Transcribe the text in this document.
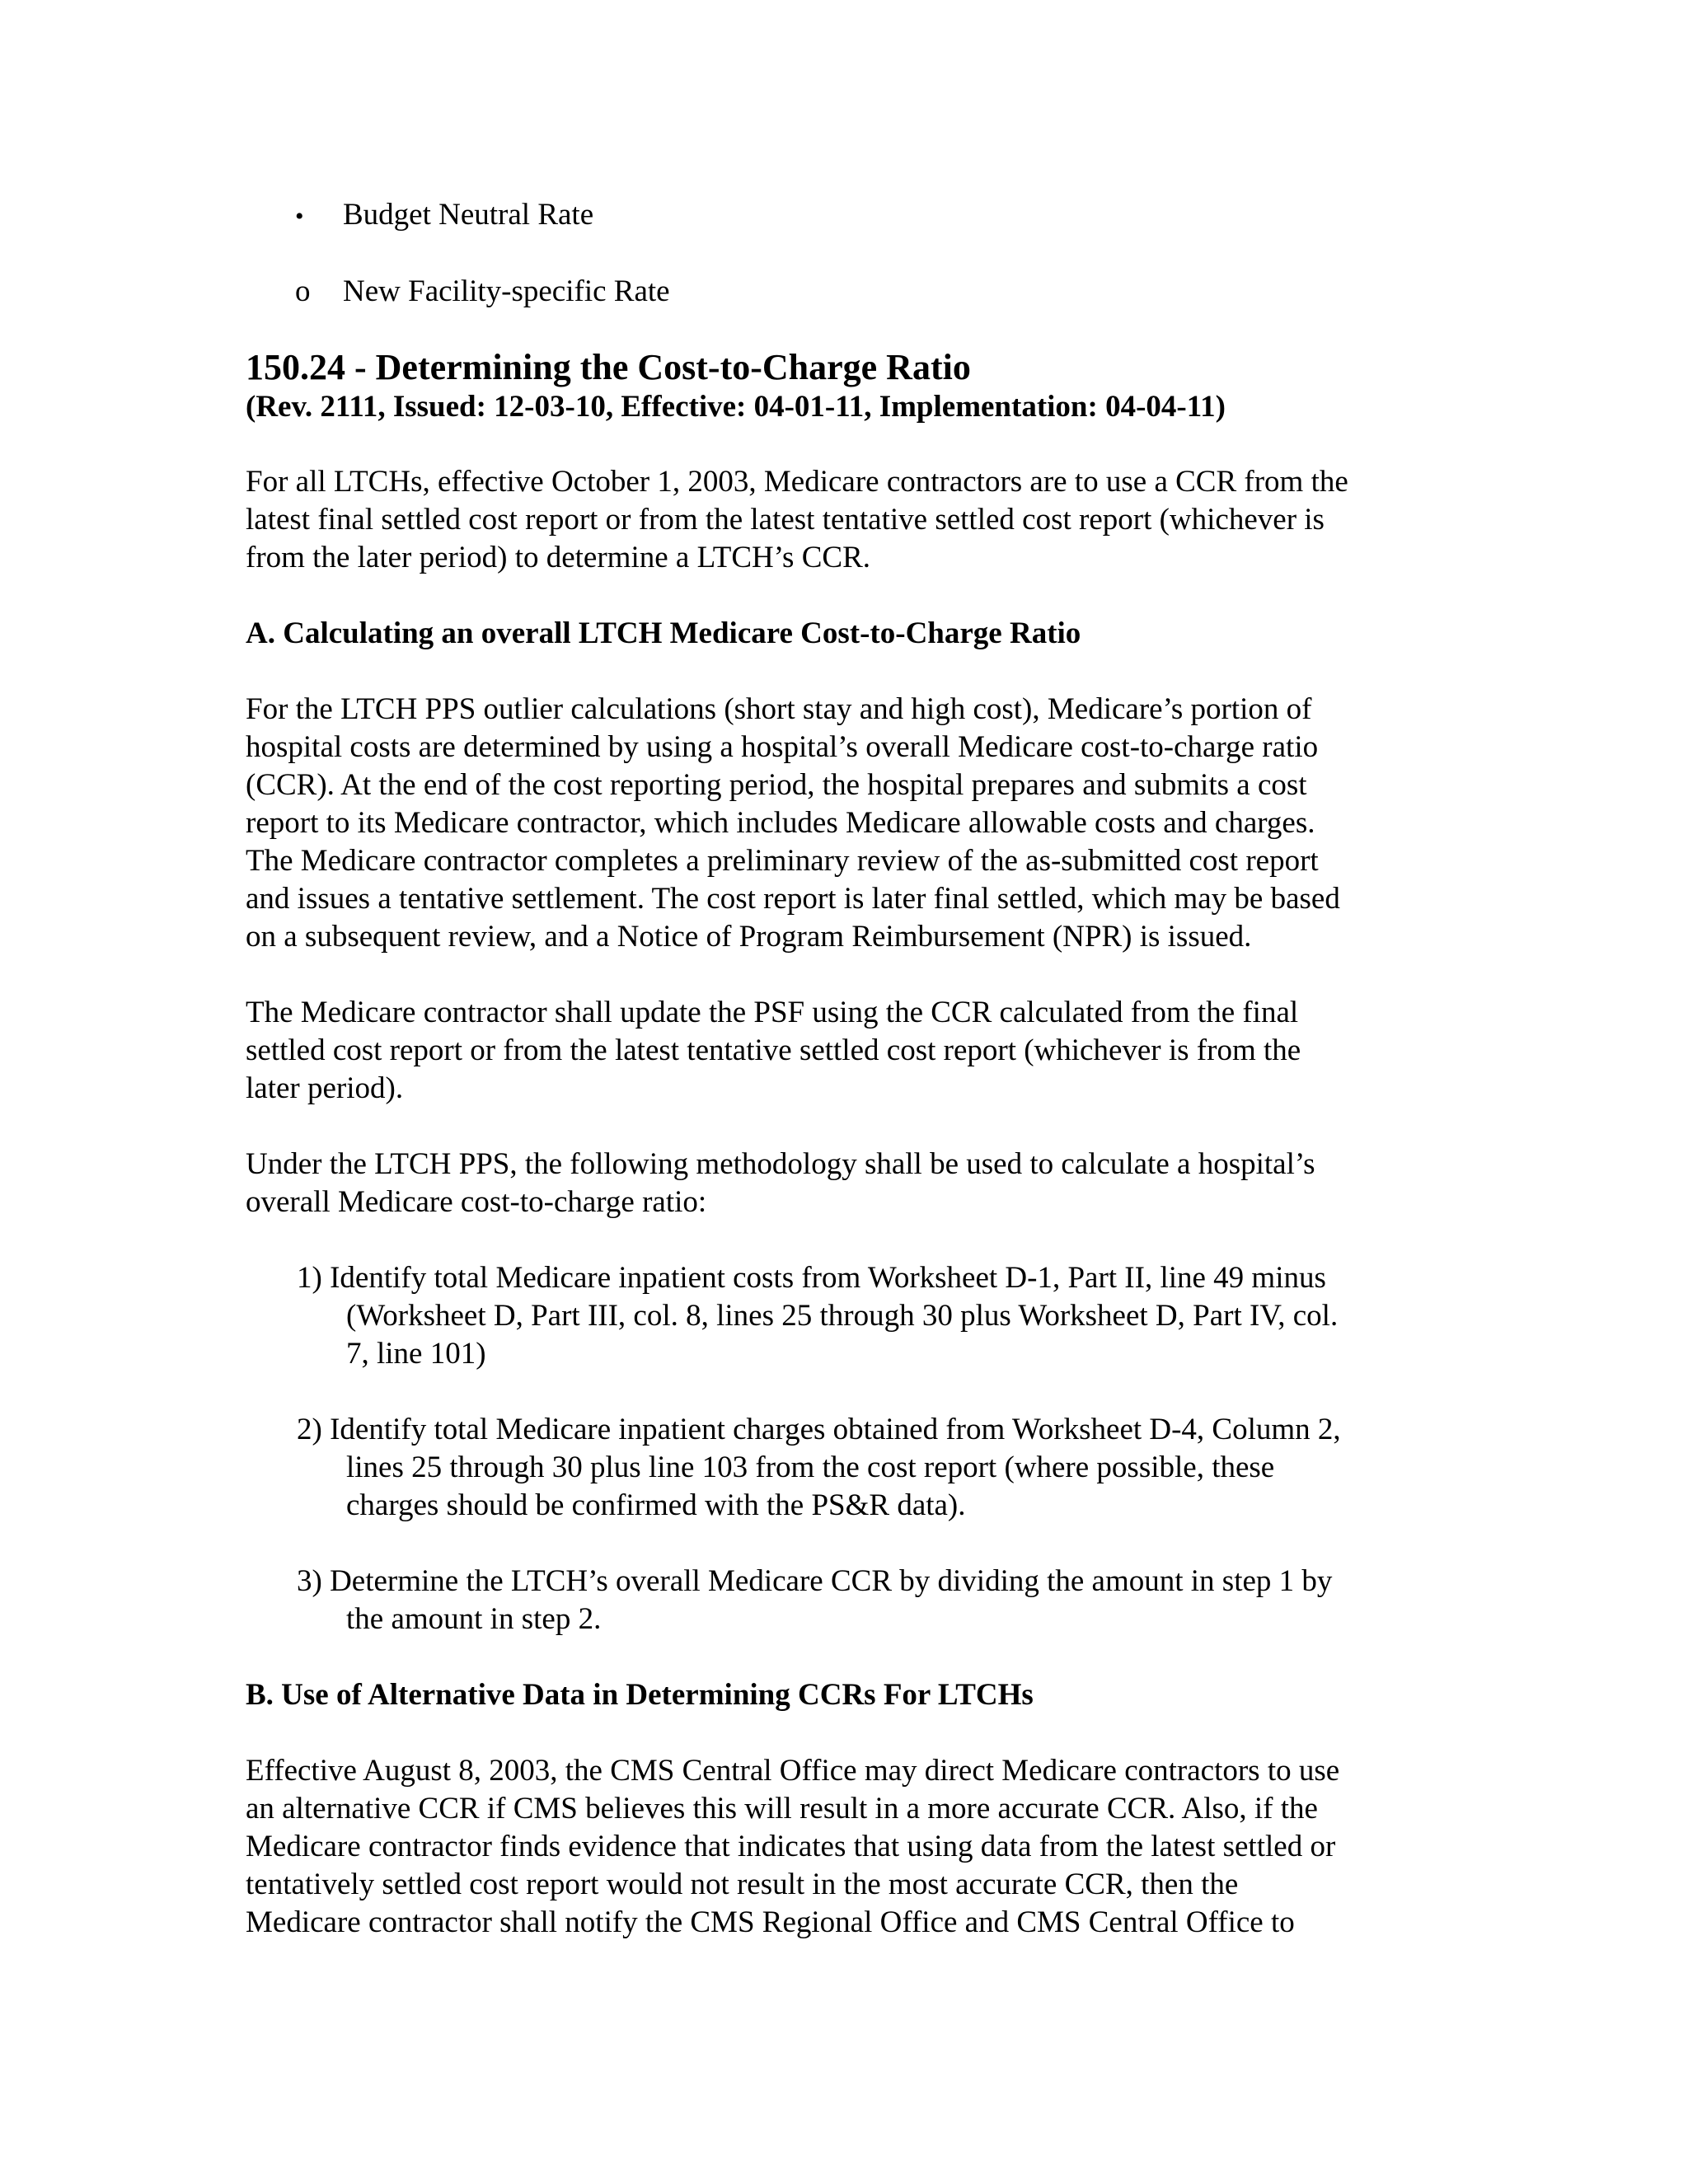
•	Budget Neutral Rate
o	New Facility-specific Rate
150.24 - Determining the Cost-to-Charge Ratio
(Rev. 2111, Issued: 12-03-10, Effective: 04-01-11, Implementation: 04-04-11)

For all LTCHs, effective October 1, 2003, Medicare contractors are to use a CCR from the
latest final settled cost report or from the latest tentative settled cost report (whichever is
from the later period) to determine a LTCH’s CCR.

A. Calculating an overall LTCH Medicare Cost-to-Charge Ratio

For the LTCH PPS outlier calculations (short stay and high cost), Medicare’s portion of
hospital costs are determined by using a hospital’s overall Medicare cost-to-charge ratio
(CCR). At the end of the cost reporting period, the hospital prepares and submits a cost
report to its Medicare contractor, which includes Medicare allowable costs and charges.
The Medicare contractor completes a preliminary review of the as-submitted cost report
and issues a tentative settlement. The cost report is later final settled, which may be based
on a subsequent review, and a Notice of Program Reimbursement (NPR) is issued.

The Medicare contractor shall update the PSF using the CCR calculated from the final
settled cost report or from the latest tentative settled cost report (whichever is from the
later period).

Under the LTCH PPS, the following methodology shall be used to calculate a hospital’s
overall Medicare cost-to-charge ratio:

1) Identify total Medicare inpatient costs from Worksheet D-1, Part II, line 49 minus
(Worksheet D, Part III, col. 8, lines 25 through 30 plus Worksheet D, Part IV, col.
7, line 101)
2) Identify total Medicare inpatient charges obtained from Worksheet D-4, Column 2,
lines 25 through 30 plus line 103 from the cost report (where possible, these
charges should be confirmed with the PS&R data).
3) Determine the LTCH’s overall Medicare CCR by dividing the amount in step 1 by
the amount in step 2.
B. Use of Alternative Data in Determining CCRs For LTCHs

Effective August 8, 2003, the CMS Central Office may direct Medicare contractors to use
an alternative CCR if CMS believes this will result in a more accurate CCR. Also, if the
Medicare contractor finds evidence that indicates that using data from the latest settled or
tentatively settled cost report would not result in the most accurate CCR, then the
Medicare contractor shall notify the CMS Regional Office and CMS Central Office to
